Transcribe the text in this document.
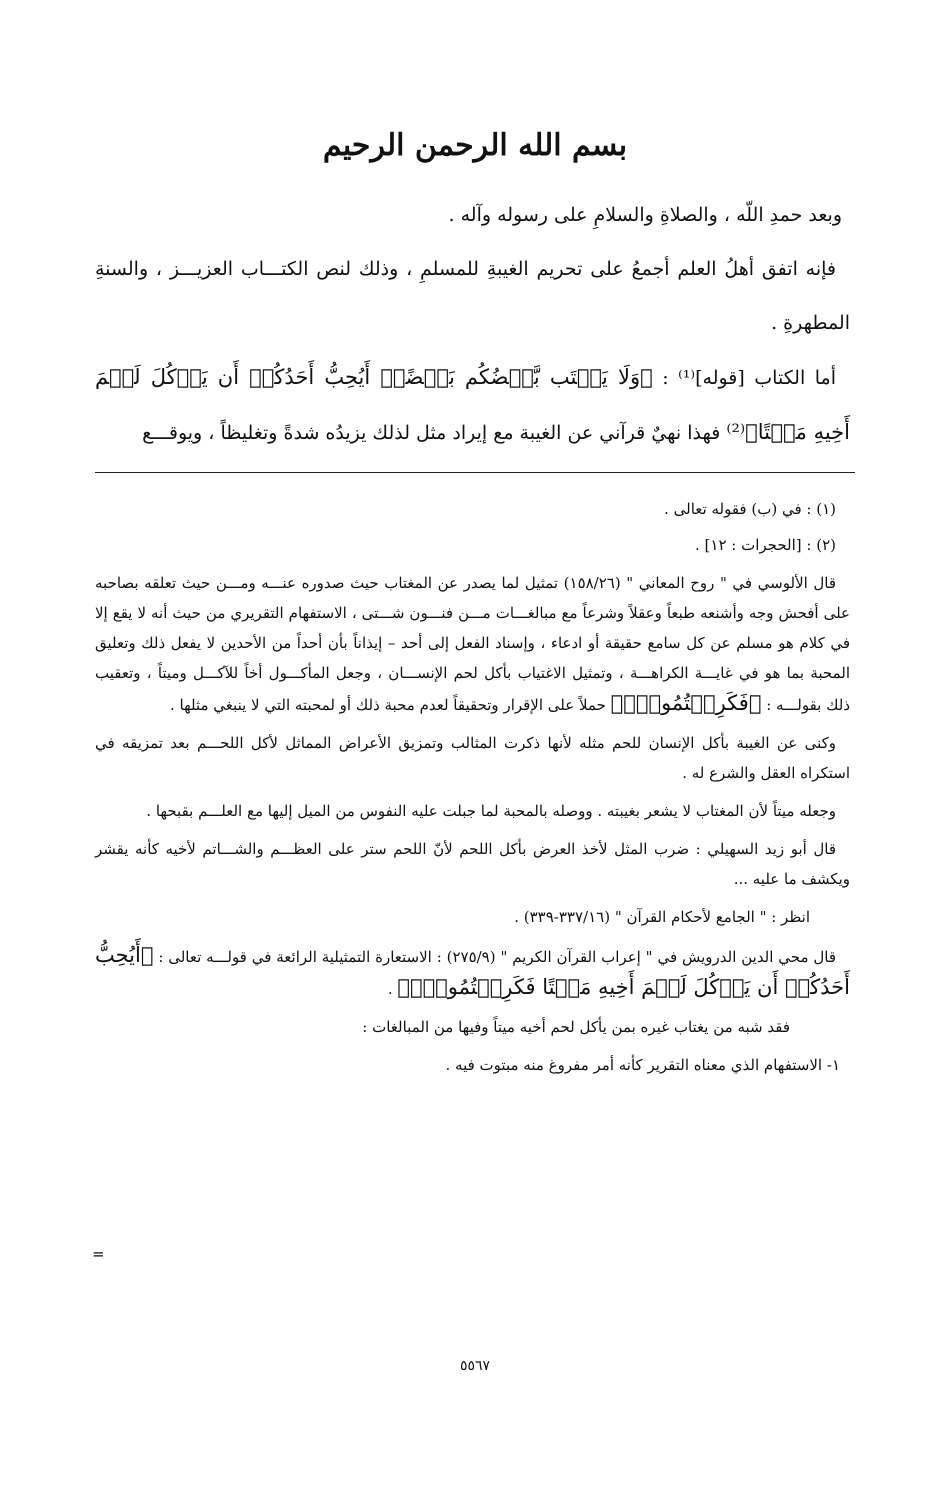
بسم الله الرحمن الرحيم

وبعد حمدِ اللّه ، والصلاةِ والسلامِ على رسوله وآله .

فإنه اتفق أهلُ العلم أجمعُ على تحريم الغيبةِ للمسلمِ ، وذلك لنص الكتـــاب العزيـــز ، والسنةِ المطهرةِ .

أما الكتاب [قوله]⁽¹⁾ : ﴿وَلَا يَغۡتَب بَّعۡضُكُم بَعۡضًاۚ أَيُحِبُّ أَحَدُكُمۡ أَن يَأۡكُلَ لَحۡمَ أَخِيهِ مَيۡتًا﴾⁽²⁾ فهذا نهيٌ قرآني عن الغيبة مع إيراد مثل لذلك يزيدُه شدةً وتغليظاً ، ويوقـــع

(١) : في (ب) فقوله تعالى .

(٢) : [الحجرات : ١٢] .

قال الألوسي في " روح المعاني " (١٥٨/٢٦) تمثيل لما يصدر عن المغتاب حيث صدوره عنـــه ومـــن حيث تعلقه بصاحبه على أفحش وجه وأشنعه طبعاً وعقلاً وشرعاً مع مبالغـــات مـــن فنـــون شـــتى ، الاستفهام التقريري من حيث أنه لا يقع إلا في كلام هو مسلم عن كل سامع حقيقة أو ادعاء ، وإسناد الفعل إلى أحد – إيذاناً بأن أحداً من الأحدين لا يفعل ذلك وتعليق المحبة بما هو في غايـــة الكراهـــة ، وتمثيل الاغتياب بأكل لحم الإنســـان ، وجعل المأكـــول أخاً للآكـــل وميتاً ، وتعقيب ذلك بقولـــه : ﴿فَكَرِهۡتُمُوهُۚ﴾ حملاً على الإقرار وتحقيقاً لعدم محبة ذلك أو لمحبته التي لا ينبغي مثلها .

وكنى عن الغيبة بأكل الإنسان للحم مثله لأنها ذكرت المثالب وتمزيق الأعراض المماثل لأكل اللحـــم بعد تمزيقه في استكراه العقل والشرع له .

وجعله ميتاً لأن المغتاب لا يشعر بغيبته . ووصله بالمحبة لما جبلت عليه النفوس من الميل إليها مع العلـــم بقبحها .

قال أبو زيد السهيلي : ضرب المثل لأخذ العرض بأكل اللحم لأنّ اللحم ستر على العظـــم والشـــاتم لأخيه كأنه يقشر ويكشف ما عليه ...

انظر : " الجامع لأحكام القرآن " (٣٣٧/١٦-٣٣٩) .

قال محي الدين الدرويش في " إعراب القرآن الكريم " (٢٧٥/٩) : الاستعارة التمثيلية الرائعة في قولـــه تعالى : ﴿أَيُحِبُّ أَحَدُكُمۡ أَن يَأۡكُلَ لَحۡمَ أَخِيهِ مَيۡتًا فَكَرِهۡتُمُوهُۚ﴾ .

فقد شبه من يغتاب غيره بمن يأكل لحم أخيه ميتاً وفيها من المبالغات :

١- الاستفهام الذي معناه التقرير كأنه أمر مفروغ منه مبتوت فيه .

=
٥٥٦٧
